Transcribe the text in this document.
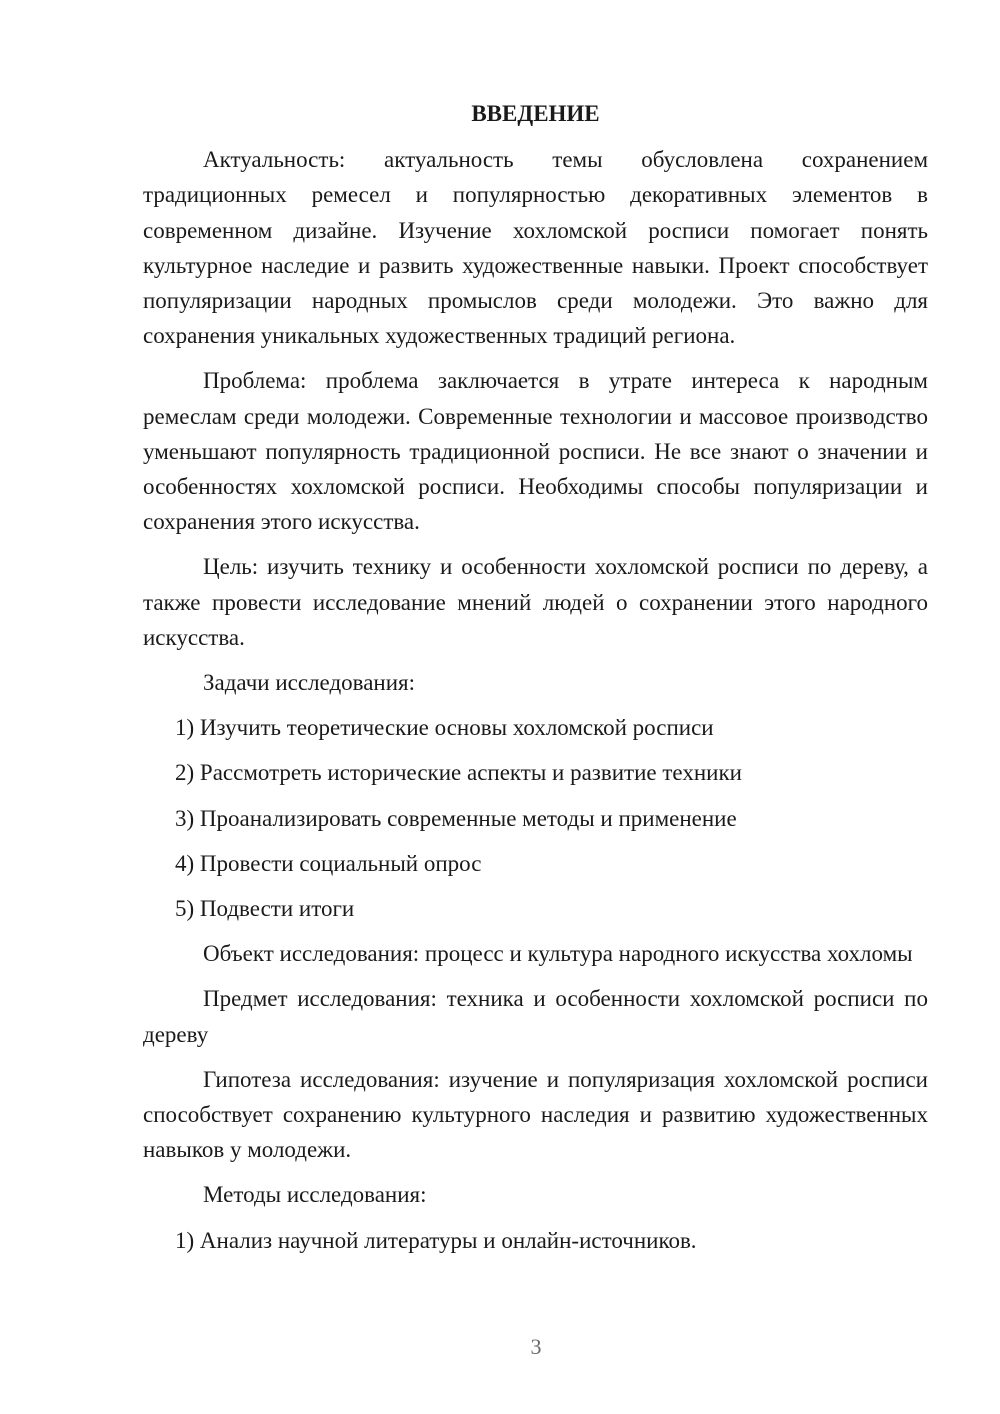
ВВЕДЕНИЕ

Актуальность: актуальность темы обусловлена сохранением традиционных ремесел и популярностью декоративных элементов в современном дизайне. Изучение хохломской росписи помогает понять культурное наследие и развить художественные навыки. Проект способствует популяризации народных промыслов среди молодежи. Это важно для сохранения уникальных художественных традиций региона.

Проблема: проблема заключается в утрате интереса к народным ремеслам среди молодежи. Современные технологии и массовое производство уменьшают популярность традиционной росписи. Не все знают о значении и особенностях хохломской росписи. Необходимы способы популяризации и сохранения этого искусства.

Цель: изучить технику и особенности хохломской росписи по дереву, а также провести исследование мнений людей о сохранении этого народного искусства.

Задачи исследования:

1) Изучить теоретические основы хохломской росписи

2) Рассмотреть исторические аспекты и развитие техники

3) Проанализировать современные методы и применение

4) Провести социальный опрос

5) Подвести итоги

Объект исследования: процесс и культура народного искусства хохломы

Предмет исследования: техника и особенности хохломской росписи по дереву

Гипотеза исследования: изучение и популяризация хохломской росписи способствует сохранению культурного наследия и развитию художественных навыков у молодежи.

Методы исследования:

1) Анализ научной литературы и онлайн-источников.

3
